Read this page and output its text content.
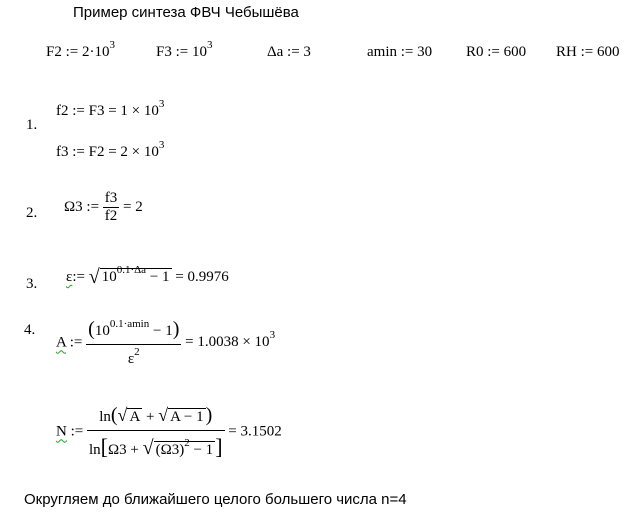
Пример синтеза ФВЧ Чебышёва
F2 := $2\cdot 10^3$	F3 := $10^3$	Δa := 3	amin := 30 R0 := 600 RH := 600
1.
f2 := $F3 = 1 \times 10^3$
f3 := $F2 = 2 \times 10^3$
2. Ω3 := $\frac{f3}{f2} = 2$
3. ε:= √ $10^{0.1\cdot\Delta a} - 1 = 0.9976$
4.
A := $\frac{(10^{0.1\cdot amin} - 1)}{\varepsilon^2} = 1.0038 \times 10^3$
N := $\frac{\ln(√ A + √ A - 1 )}{\ln[\Omega 3 + √ (\Omega 3)^2 - 1]} = 3.1502$
Округляем до ближайшего целого большего числа n=4
